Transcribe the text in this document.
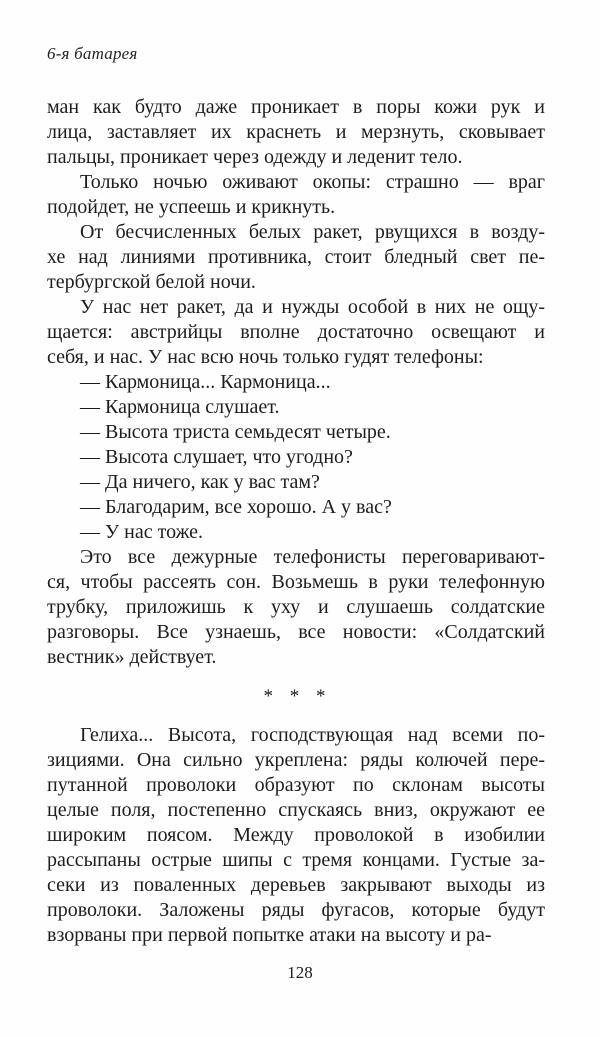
6-я батарея
ман как будто даже проникает в поры кожи рук и
лица, заставляет их краснеть и мерзнуть, сковывает
пальцы, проникает через одежду и леденит тело.
Только ночью оживают окопы: страшно — враг
подойдет, не успеешь и крикнуть.
От бесчисленных белых ракет, рвущихся в возду-
хе над линиями противника, стоит бледный свет пе-
тербургской белой ночи.
У нас нет ракет, да и нужды особой в них не ощу-
щается: австрийцы вполне достаточно освещают и
себя, и нас. У нас всю ночь только гудят телефоны:
— Кармоница... Кармоница...
— Кармоница слушает.
— Высота триста семьдесят четыре.
— Высота слушает, что угодно?
— Да ничего, как у вас там?
— Благодарим, все хорошо. А у вас?
— У нас тоже.
Это все дежурные телефонисты переговаривают-
ся, чтобы рассеять сон. Возьмешь в руки телефонную
трубку, приложишь к уху и слушаешь солдатские
разговоры. Все узнаешь, все новости: «Солдатский
вестник» действует.
* * *
Гелиха... Высота, господствующая над всеми по-
зициями. Она сильно укреплена: ряды колючей пере-
путанной проволоки образуют по склонам высоты
целые поля, постепенно спускаясь вниз, окружают ее
широким поясом. Между проволокой в изобилии
рассыпаны острые шипы с тремя концами. Густые за-
секи из поваленных деревьев закрывают выходы из
проволоки. Заложены ряды фугасов, которые будут
взорваны при первой попытке атаки на высоту и ра-
128
